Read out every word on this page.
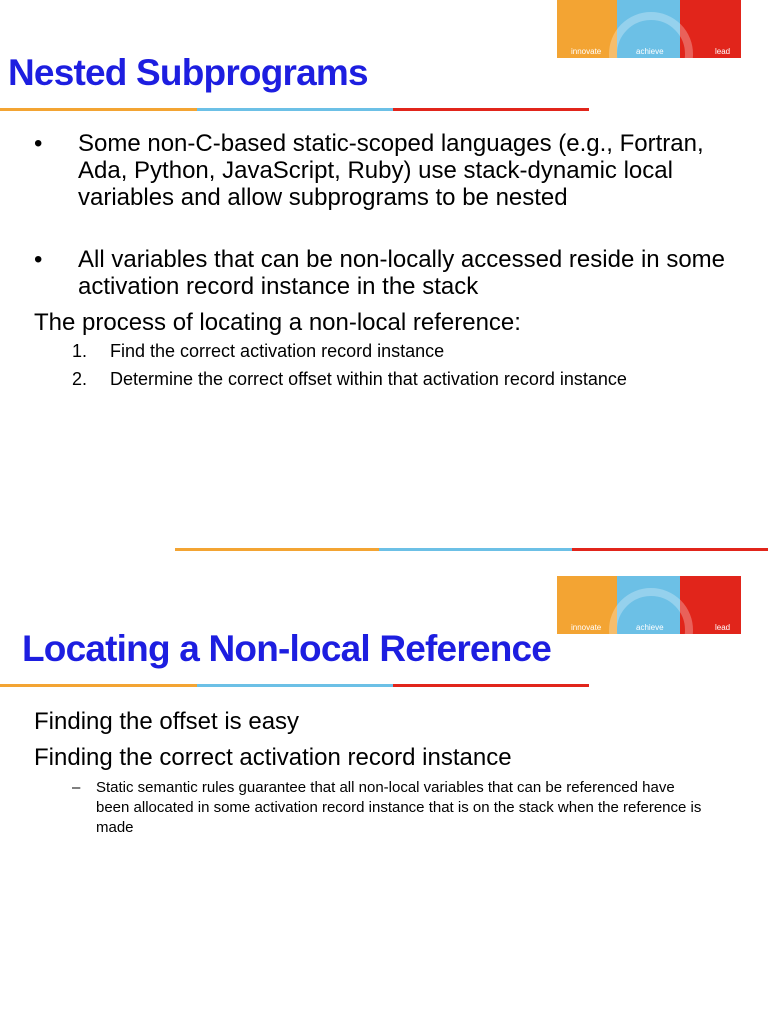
innovate	achieve	lead
Nested Subprograms
• Some non-C-based static-scoped languages (e.g., Fortran, Ada, Python, JavaScript, Ruby) use stack-dynamic local variables and allow subprograms to be nested

• All variables that can be non-locally accessed reside in some activation record instance in the stack

The process of locating a non-local reference:

1. Find the correct activation record instance

2. Determine the correct offset within that activation record instance

innovate	achieve	lead
Locating a Non-local Reference

Finding the offset is easy

Finding the correct activation record instance

– Static semantic rules guarantee that all non-local variables that can be referenced have been allocated in some activation record instance that is on the stack when the reference is made
